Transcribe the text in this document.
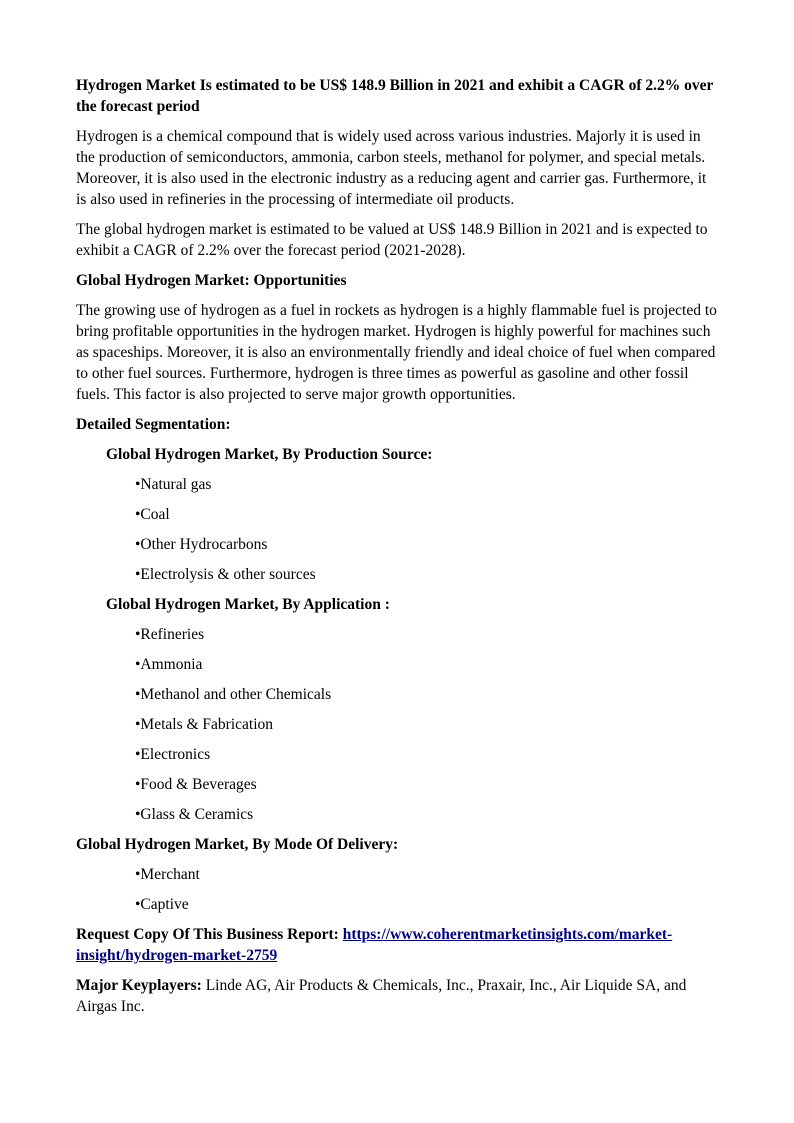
Hydrogen Market Is estimated to be US$ 148.9 Billion in 2021 and exhibit a CAGR of 2.2% over the forecast period

Hydrogen is a chemical compound that is widely used across various industries. Majorly it is used in the production of semiconductors, ammonia, carbon steels, methanol for polymer, and special metals. Moreover, it is also used in the electronic industry as a reducing agent and carrier gas. Furthermore, it is also used in refineries in the processing of intermediate oil products.

The global hydrogen market is estimated to be valued at US$ 148.9 Billion in 2021 and is expected to exhibit a CAGR of 2.2% over the forecast period (2021-2028).

Global Hydrogen Market: Opportunities

The growing use of hydrogen as a fuel in rockets as hydrogen is a highly flammable fuel is projected to bring profitable opportunities in the hydrogen market. Hydrogen is highly powerful for machines such as spaceships. Moreover, it is also an environmentally friendly and ideal choice of fuel when compared to other fuel sources. Furthermore, hydrogen is three times as powerful as gasoline and other fossil fuels. This factor is also projected to serve major growth opportunities.

Detailed Segmentation:

Global Hydrogen Market, By Production Source:

•Natural gas

•Coal

•Other Hydrocarbons

•Electrolysis & other sources

Global Hydrogen Market, By Application :

•Refineries

•Ammonia

•Methanol and other Chemicals

•Metals & Fabrication

•Electronics

•Food & Beverages

•Glass & Ceramics

Global Hydrogen Market, By Mode Of Delivery:

•Merchant

•Captive

Request Copy Of This Business Report: https://www.coherentmarketinsights.com/market-insight/hydrogen-market-2759

Major Keyplayers: Linde AG, Air Products & Chemicals, Inc., Praxair, Inc., Air Liquide SA, and Airgas Inc.
